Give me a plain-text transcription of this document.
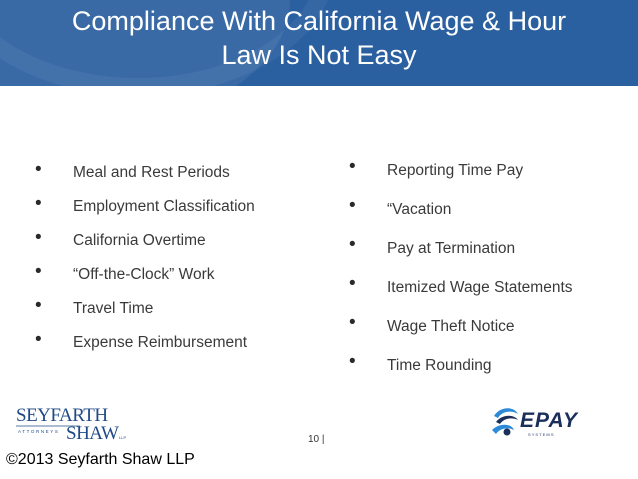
Compliance With California Wage & Hour
Law Is Not Easy
• Meal and Rest Periods
• Employment Classification
• California Overtime
• “Off-the-Clock” Work
• Travel Time
• Expense Reimbursement
• Reporting Time Pay
• “Vacation
• Pay at Termination
• Itemized Wage Statements
• Wage Theft Notice
• Time Rounding
SEYFARTH
ATTORNEYS SHAW LLP	10 |
EPAY
S Y S T E M S
©2013 Seyfarth Shaw LLP
